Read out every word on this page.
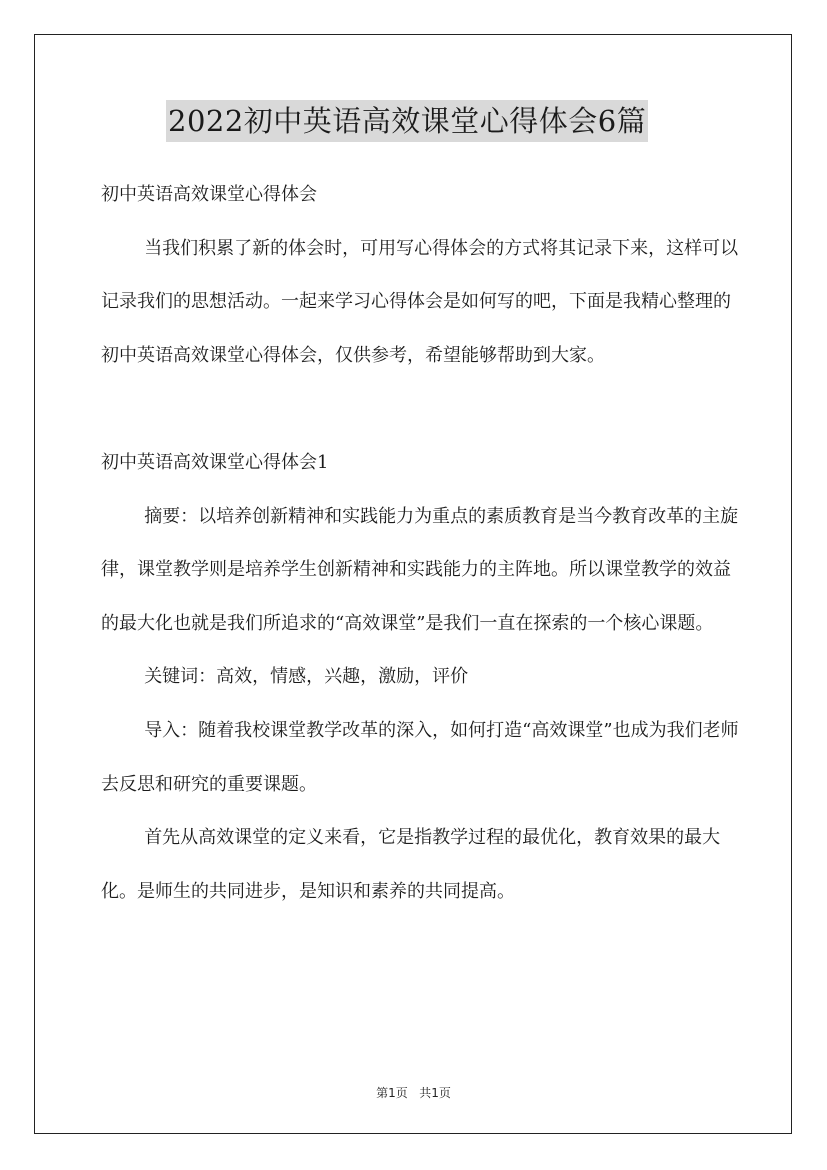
2022初中英语高效课堂心得体会6篇

初中英语高效课堂心得体会

当我们积累了新的体会时，可用写心得体会的方式将其记录下来，这样可以记录我们的思想活动。一起来学习心得体会是如何写的吧，下面是我精心整理的初中英语高效课堂心得体会，仅供参考，希望能够帮助到大家。

初中英语高效课堂心得体会1

摘要：以培养创新精神和实践能力为重点的素质教育是当今教育改革的主旋律，课堂教学则是培养学生创新精神和实践能力的主阵地。所以课堂教学的效益的最大化也就是我们所追求的“高效课堂”是我们一直在探索的一个核心课题。

关键词：高效，情感，兴趣，激励，评价

导入：随着我校课堂教学改革的深入，如何打造“高效课堂”也成为我们老师去反思和研究的重要课题。

首先从高效课堂的定义来看，它是指教学过程的最优化，教育效果的最大化。是师生的共同进步，是知识和素养的共同提高。

第1页 共1页
